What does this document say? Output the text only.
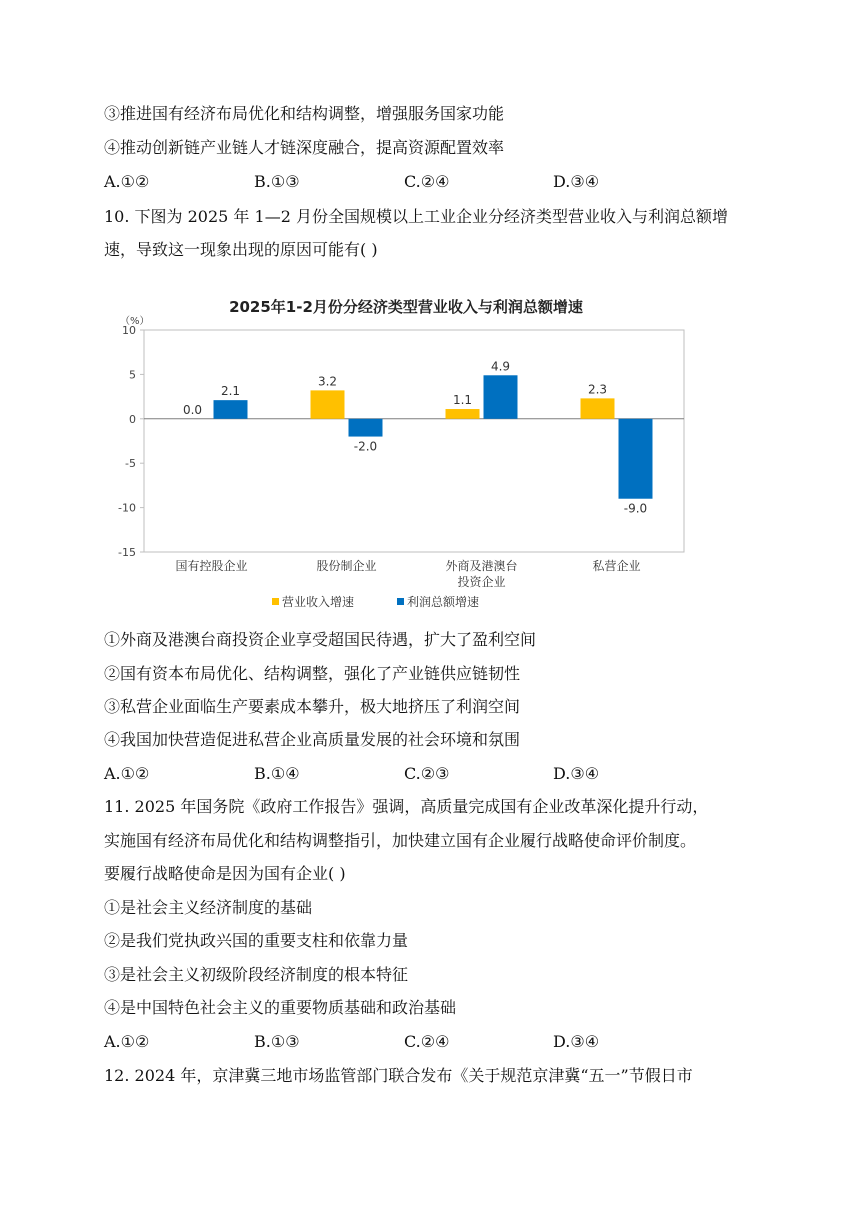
③推进国有经济布局优化和结构调整，增强服务国家功能
④推动创新链产业链人才链深度融合，提高资源配置效率
A.①②	B.①③	C.②④	D.③④
10. 下图为 2025 年 1—2 月份全国规模以上工业企业分经济类型营业收入与利润总额增
速，导致这一现象出现的原因可能有( )
2025年1-2月份分经济类型营业收入与利润总额增速
（%）
10
5
0
-5
-10
-15
国有控股企业	股份制企业	外商及港澳台
投资企业
私营企业
0.0
2.1
3.2
-2.0
1.1
4.9
2.3
-9.0
营业收入增速	利润总额增速
①外商及港澳台商投资企业享受超国民待遇，扩大了盈利空间
②国有资本布局优化、结构调整，强化了产业链供应链韧性
③私营企业面临生产要素成本攀升，极大地挤压了利润空间
④我国加快营造促进私营企业高质量发展的社会环境和氛围
A.①②	B.①④	C.②③	D.③④
11. 2025 年国务院《政府工作报告》强调，高质量完成国有企业改革深化提升行动，
实施国有经济布局优化和结构调整指引，加快建立国有企业履行战略使命评价制度。
要履行战略使命是因为国有企业( )
①是社会主义经济制度的基础
②是我们党执政兴国的重要支柱和依靠力量
③是社会主义初级阶段经济制度的根本特征
④是中国特色社会主义的重要物质基础和政治基础
A.①②	B.①③	C.②④	D.③④
12. 2024 年，京津冀三地市场监管部门联合发布《关于规范京津冀“五一”节假日市
